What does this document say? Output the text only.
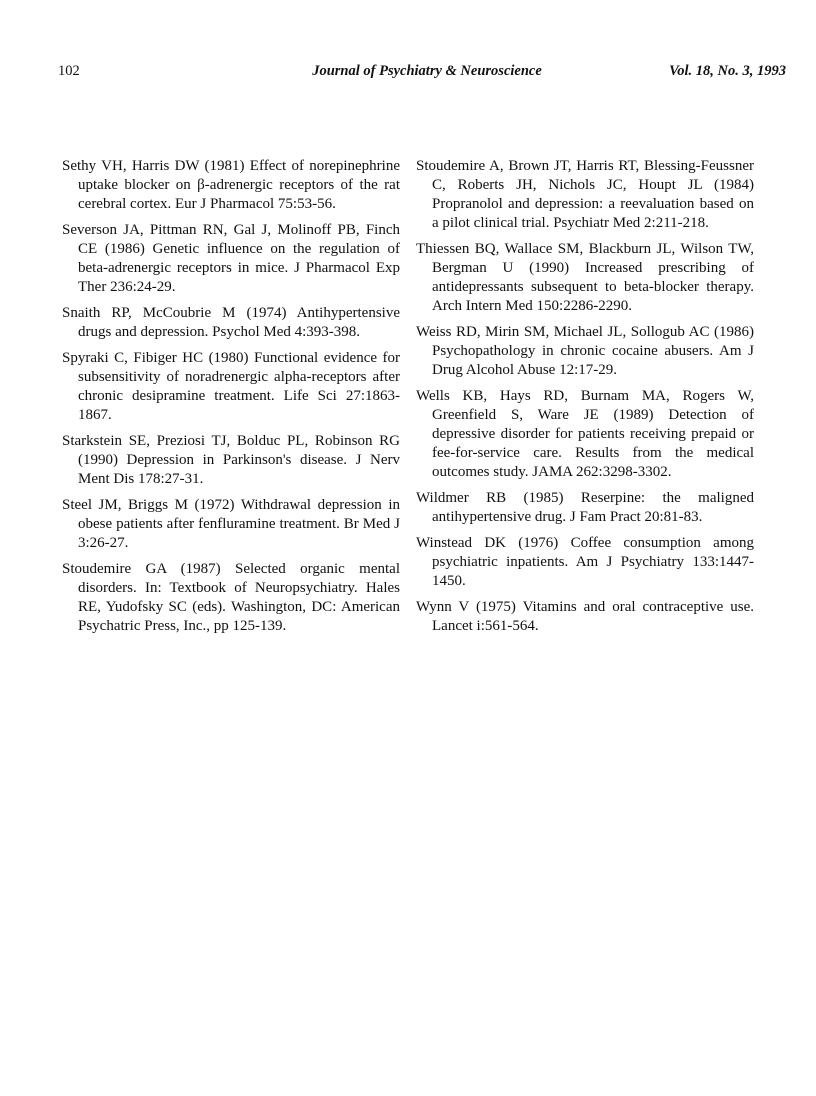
102	Journal of Psychiatry & Neuroscience	Vol. 18, No. 3, 1993

Sethy VH, Harris DW (1981) Effect of norepinephrine uptake blocker on β-adrenergic receptors of the rat cerebral cortex. Eur J Pharmacol 75:53-56.

Severson JA, Pittman RN, Gal J, Molinoff PB, Finch CE (1986) Genetic influence on the regulation of beta-adrenergic receptors in mice. J Pharmacol Exp Ther 236:24-29.

Snaith RP, McCoubrie M (1974) Antihypertensive drugs and depression. Psychol Med 4:393-398.

Spyraki C, Fibiger HC (1980) Functional evidence for subsensitivity of noradrenergic alpha-receptors after chronic desipramine treatment. Life Sci 27:1863-1867.

Starkstein SE, Preziosi TJ, Bolduc PL, Robinson RG (1990) Depression in Parkinson's disease. J Nerv Ment Dis 178:27-31.

Steel JM, Briggs M (1972) Withdrawal depression in obese patients after fenfluramine treatment. Br Med J 3:26-27.

Stoudemire GA (1987) Selected organic mental disorders. In: Textbook of Neuropsychiatry. Hales RE, Yudofsky SC (eds). Washington, DC: American Psychatric Press, Inc., pp 125-139.

Stoudemire A, Brown JT, Harris RT, Blessing-Feussner C, Roberts JH, Nichols JC, Houpt JL (1984) Propranolol and depression: a reevaluation based on a pilot clinical trial. Psychiatr Med 2:211-218.

Thiessen BQ, Wallace SM, Blackburn JL, Wilson TW, Bergman U (1990) Increased prescribing of antidepressants subsequent to beta-blocker therapy. Arch Intern Med 150:2286-2290.

Weiss RD, Mirin SM, Michael JL, Sollogub AC (1986) Psychopathology in chronic cocaine abusers. Am J Drug Alcohol Abuse 12:17-29.

Wells KB, Hays RD, Burnam MA, Rogers W, Greenfield S, Ware JE (1989) Detection of depressive disorder for patients receiving prepaid or fee-for-service care. Results from the medical outcomes study. JAMA 262:3298-3302.

Wildmer RB (1985) Reserpine: the maligned antihypertensive drug. J Fam Pract 20:81-83.

Winstead DK (1976) Coffee consumption among psychiatric inpatients. Am J Psychiatry 133:1447-1450.

Wynn V (1975) Vitamins and oral contraceptive use. Lancet i:561-564.
